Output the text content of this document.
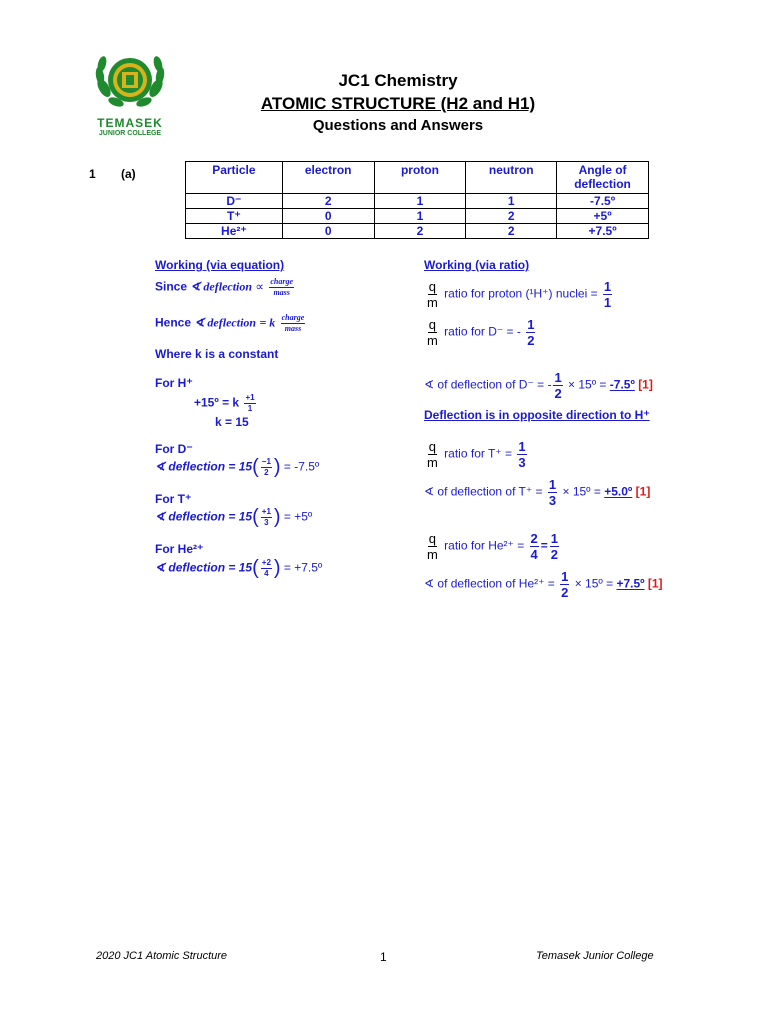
TEMASEK
JUNIOR COLLEGE
JC1 Chemistry
ATOMIC STRUCTURE (H2 and H1)
Questions and Answers
1 (a)	Particle	electron	proton	neutron	Angle of deflection
D⁻	2	1	1	-7.5º
T⁺	0	1	2	+5º
He²⁺	0	2	2	+7.5º
Working (via equation)
Since ∢ deflection ∝ $\frac{\text{charge}}{\text{mass}}$
Hence ∢ deflection = k $\frac{\text{charge}}{\text{mass}}$
Where k is a constant
For H⁺
+15º = k $\frac{+1}{1}$
k = 15
For D⁻
∢ deflection = $15( \frac{-1}{2}$ ) = -7.5º
For T⁺
∢ deflection = $15( \frac{+1}{3}$ ) = +5º
For He²⁺
∢ deflection = $15( \frac{+2}{4}$ ) = +7.5º
Working (via ratio)
$\frac{q}{m}$ ratio for proton (¹H⁺) nuclei = $\frac{1}{1}$
$\frac{q}{m}$ ratio for D⁻ = - $\frac{1}{2}$
∢ of deflection of D⁻ = - $\frac{1}{2}$ × 15º = -7.5º [1]
Deflection is in opposite direction to H⁺
$\frac{q}{m}$ ratio for $T^+ = \frac{1}{3}$
∢ of deflection of $T^+ = \frac{1}{3}$ × 15º = +5.0º [1]
$\frac{q}{m}$ ratio for $He^{2+} = \frac{2}{4} = \frac{1}{2}$
∢ of deflection of $He^{2+} = \frac{1}{2}$ × 15º = +7.5º [1]
2020 JC1 Atomic Structure	1	Temasek Junior College
